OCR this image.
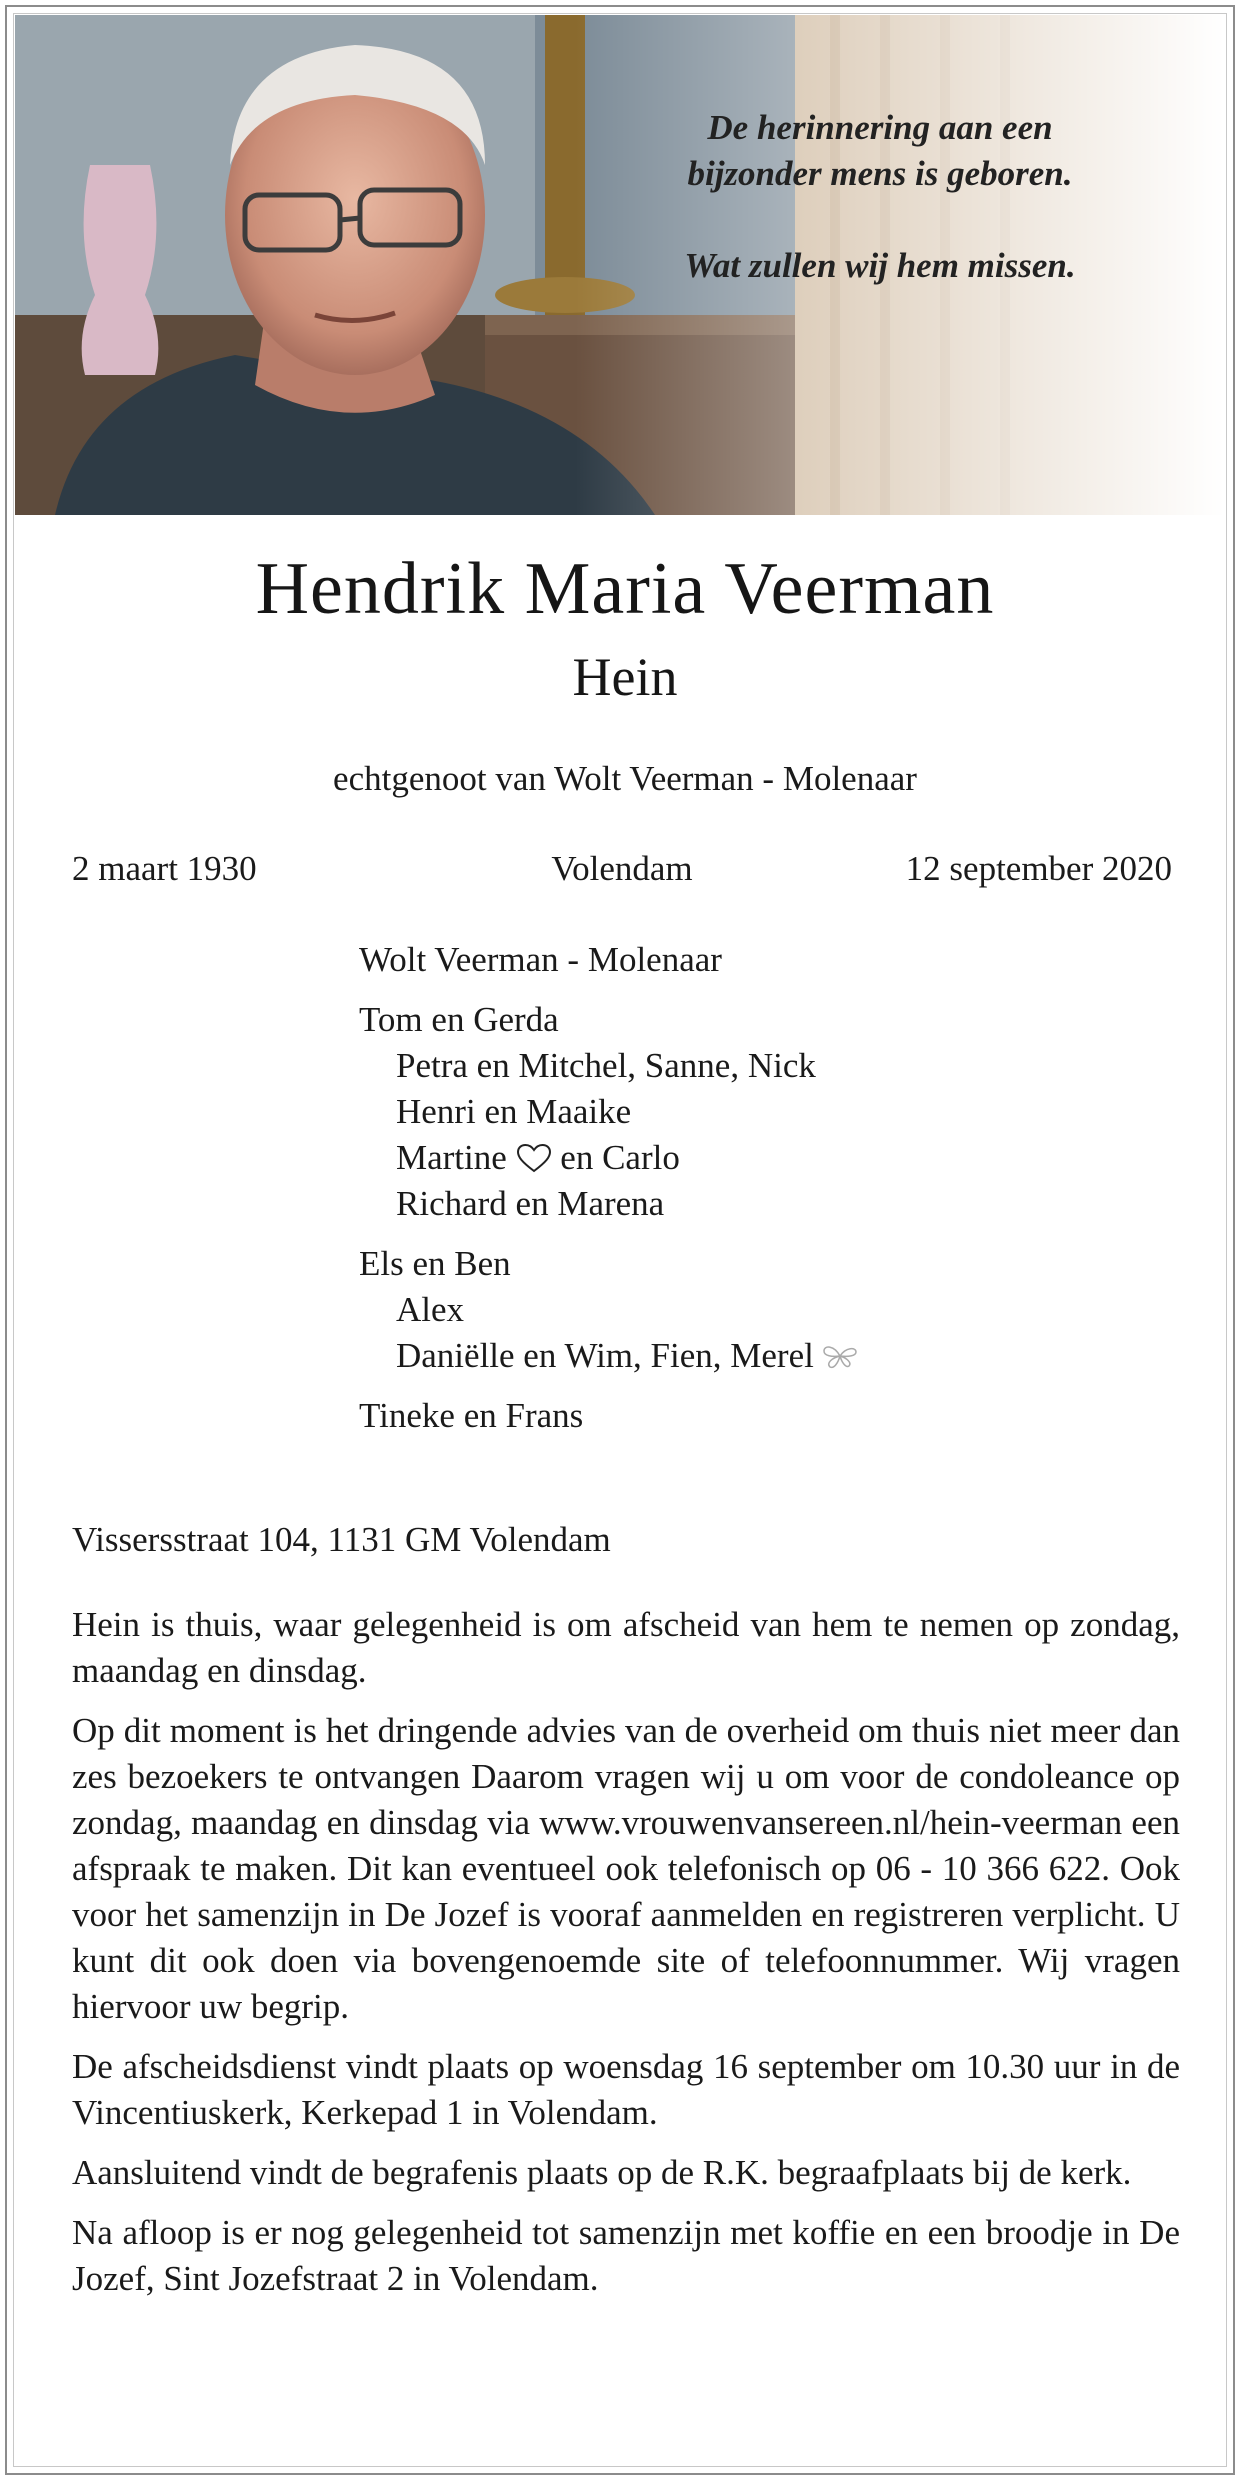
De herinnering aan een

bijzonder mens is geboren.

Wat zullen wij hem missen.

Hendrik Maria Veerman
Hein
echtgenoot van Wolt Veerman - Molenaar
2 maart 1930	Volendam	12 september 2020
Wolt Veerman - Molenaar
Tom en Gerda
Petra en Mitchel, Sanne, Nick
Henri en Maaike
Martine en Carlo
Richard en Marena
Els en Ben
Alex
Daniëlle en Wim, Fien, Merel
Tineke en Frans
Vissersstraat 104, 1131 GM Volendam

Hein is thuis, waar gelegenheid is om afscheid van hem te nemen op zondag, maandag en dinsdag.

Op dit moment is het dringende advies van de overheid om thuis niet meer dan zes bezoekers te ontvangen Daarom vragen wij u om voor de condoleance op zondag, maandag en dinsdag via www.vrouwenvansereen.nl/hein-veerman een afspraak te maken. Dit kan eventueel ook telefonisch op 06 - 10 366 622. Ook voor het samenzijn in De Jozef is vooraf aanmelden en registreren verplicht. U kunt dit ook doen via bovengenoemde site of telefoonnummer. Wij vragen hiervoor uw begrip.

De afscheidsdienst vindt plaats op woensdag 16 september om 10.30 uur in de Vincentiuskerk, Kerkepad 1 in Volendam.

Aansluitend vindt de begrafenis plaats op de R.K. begraafplaats bij de kerk.

Na afloop is er nog gelegenheid tot samenzijn met koffie en een broodje in De Jozef, Sint Jozefstraat 2 in Volendam.
